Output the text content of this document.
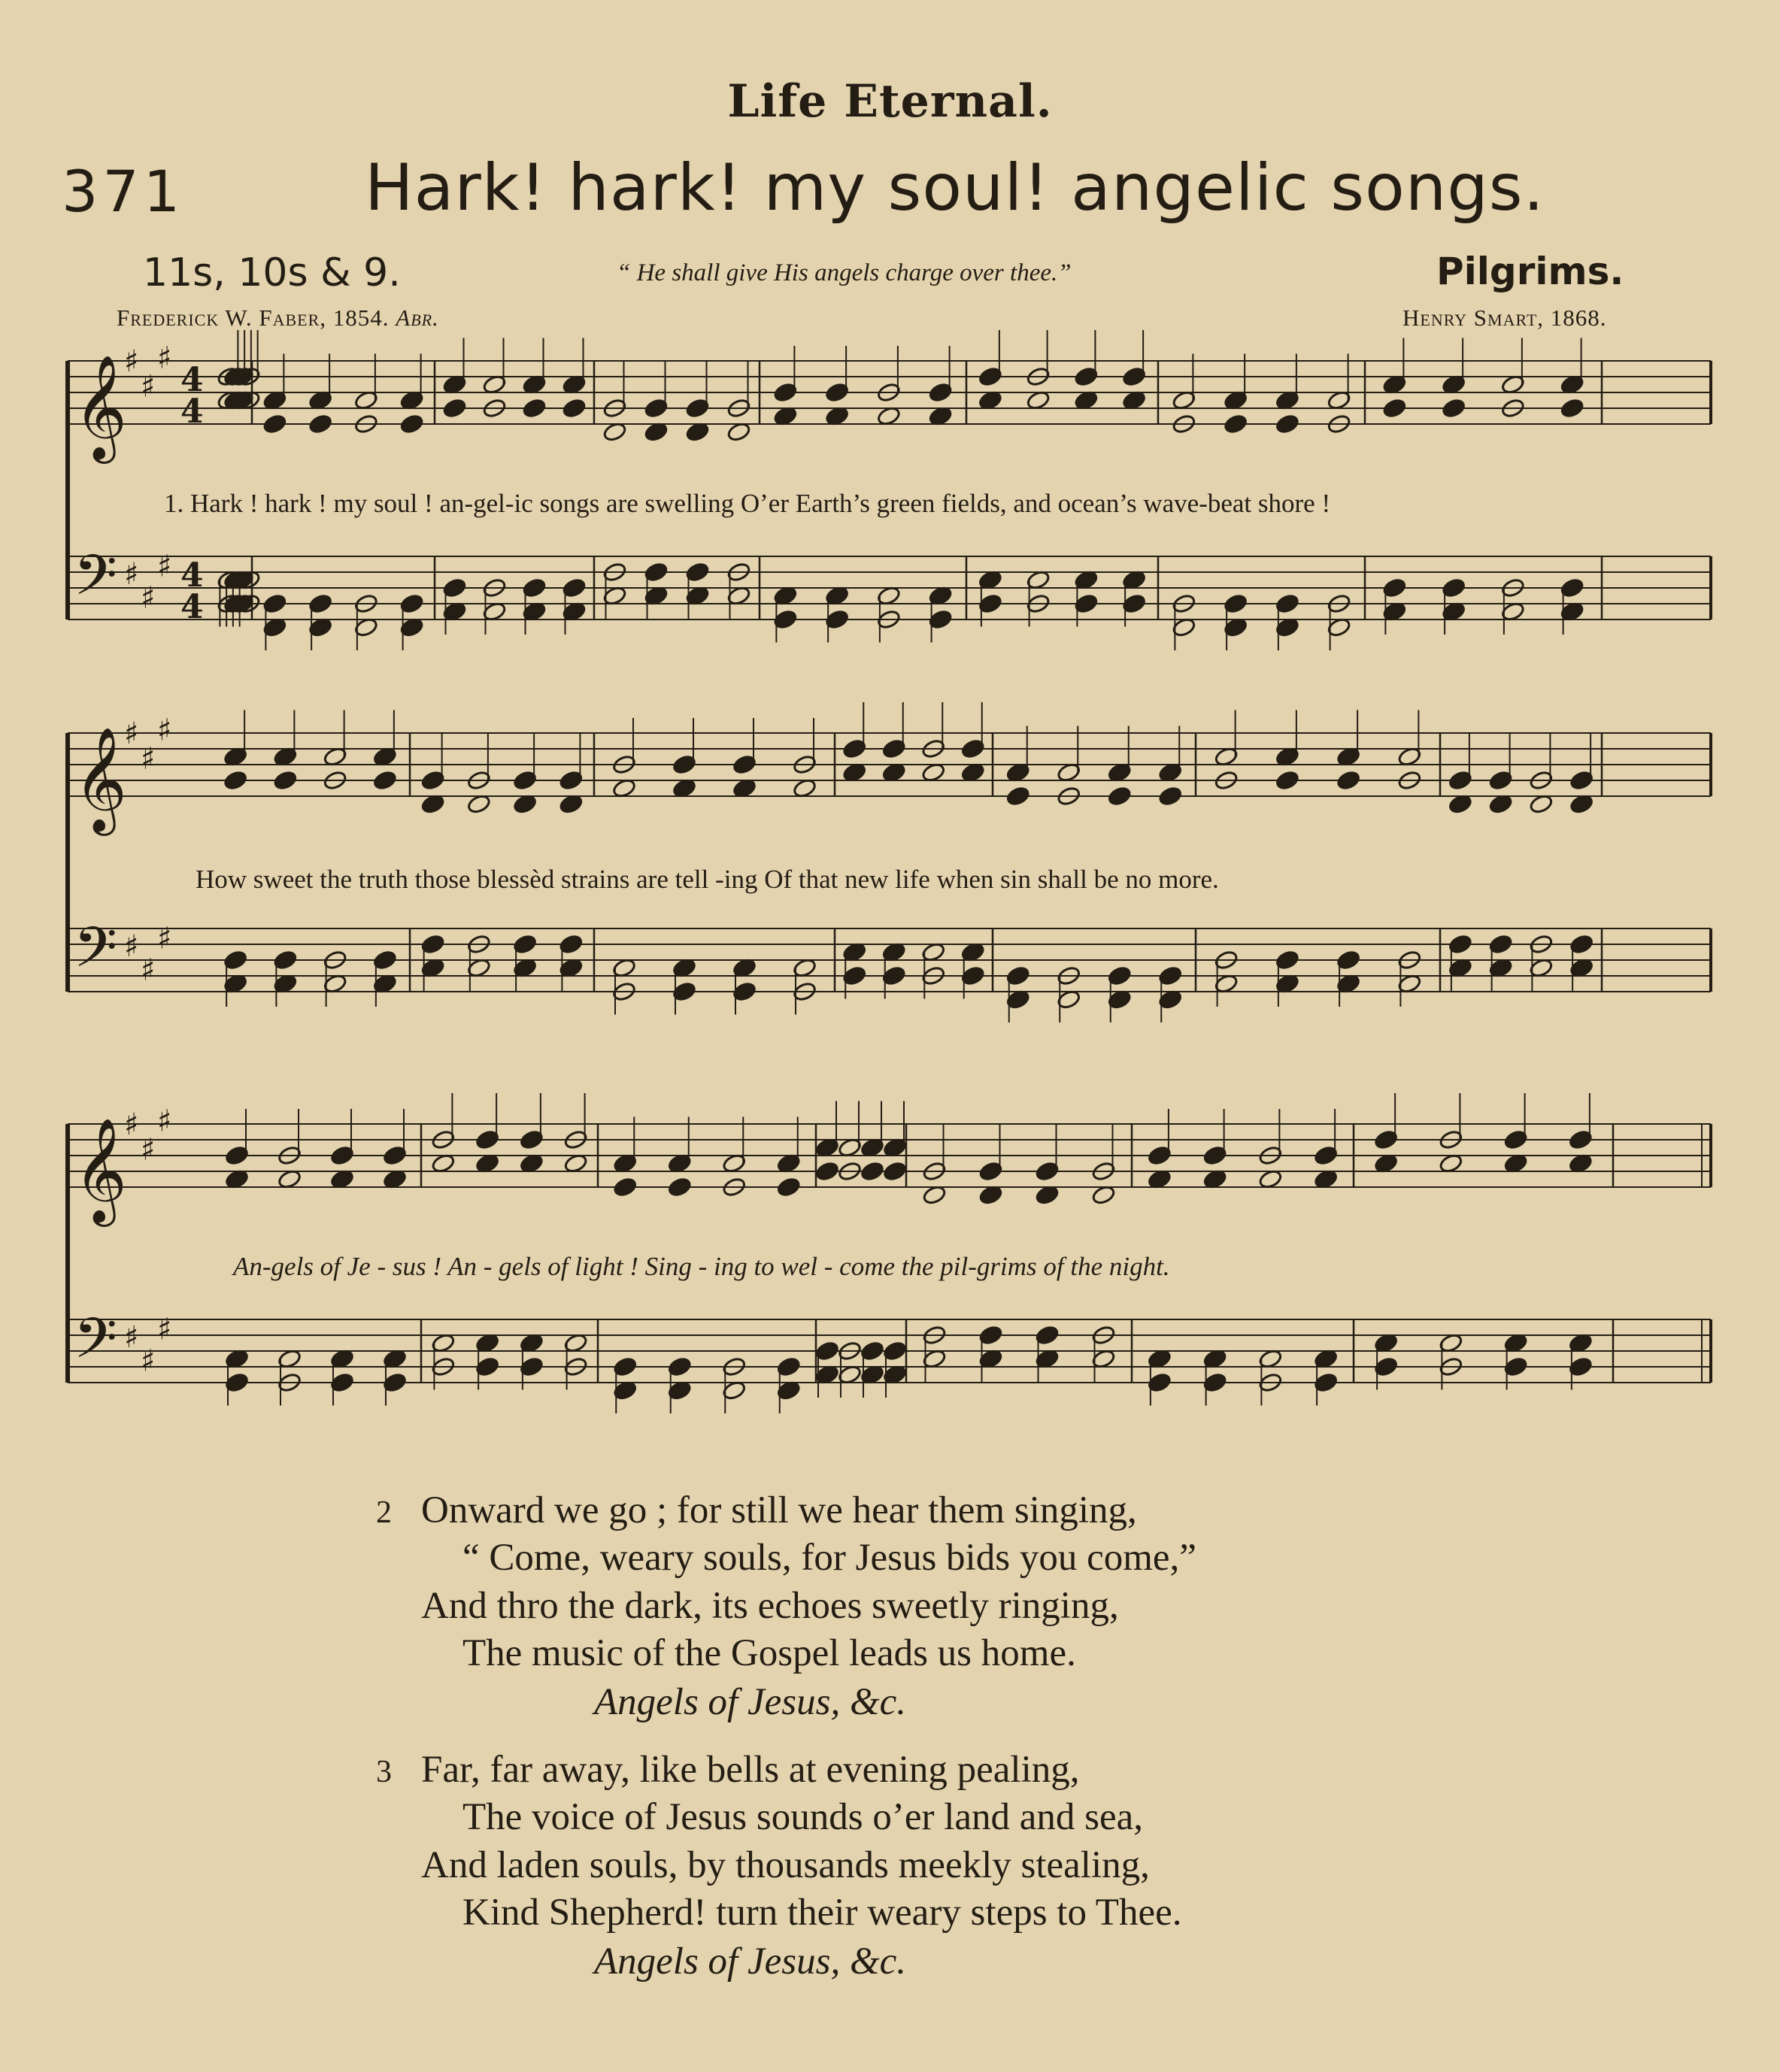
Life Eternal.
371	Hark! hark! my soul! angelic songs.
11s, 10s & 9.	“ He shall give His angels charge over thee.”	Pilgrims.
Frederick W. Faber, 1854. Abr.	Henry Smart, 1868.
𝄞
♯
♯
♯
4
4
𝄢 ♯
♯
♯ 4
4
1. Hark ! hark ! my soul ! an-gel-ic songs are swelling O’er Earth’s green fields, and ocean’s wave-beat shore !
𝄞
♯
♯
♯
𝄢 ♯
♯
♯
How sweet the truth those blessèd strains are tell -ing Of that new life when sin shall be no more.
𝄞
♯
♯
♯
𝄢 ♯
♯
♯
An-gels of Je - sus ! An - gels of light ! Sing - ing to wel - come the pil-grims of the night.
2 Onward we go ; for still we hear them singing,
“ Come, weary souls, for Jesus bids you come,”
And thro the dark, its echoes sweetly ringing,
The music of the Gospel leads us home.
Angels of Jesus, &c.
3 Far, far away, like bells at evening pealing,
The voice of Jesus sounds o’er land and sea,
And laden souls, by thousands meekly stealing,
Kind Shepherd! turn their weary steps to Thee.
Angels of Jesus, &c.
